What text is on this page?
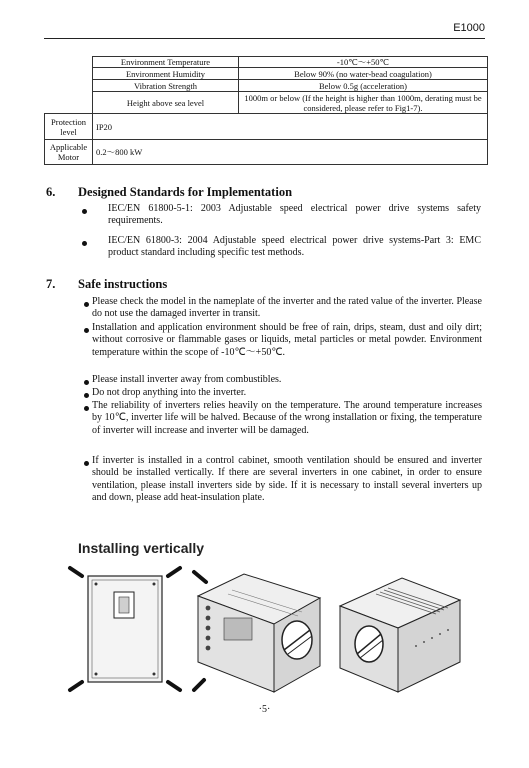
E1000
	Environment Temperature	-10℃～+50℃
	Environment Humidity	Below 90% (no water-bead coagulation)
	Vibration Strength	Below 0.5g (acceleration)
	Height above sea level	1000m or below (If the height is higher than 1000m, derating must be considered, please refer to Fig1-7).
Protection level	IP20	
Applicable Motor	0.2～800 kW	
6. Designed Standards for Implementation
IEC/EN 61800-5-1: 2003 Adjustable speed electrical power drive systems safety requirements.
IEC/EN 61800-3: 2004 Adjustable speed electrical power drive systems-Part 3: EMC product standard including specific test methods.
7. Safe instructions
Please check the model in the nameplate of the inverter and the rated value of the inverter. Please do not use the damaged inverter in transit.
Installation and application environment should be free of rain, drips, steam, dust and oily dirt; without corrosive or flammable gases or liquids, metal particles or metal powder. Environment temperature within the scope of -10℃～+50℃.
Please install inverter away from combustibles.
Do not drop anything into the inverter.
The reliability of inverters relies heavily on the temperature. The around temperature increases by 10℃, inverter life will be halved. Because of the wrong installation or fixing, the temperature of inverter will increase and inverter will be damaged.
If inverter is installed in a control cabinet, smooth ventilation should be ensured and inverter should be installed vertically. If there are several inverters in one cabinet, in order to ensure ventilation, please install inverters side by side. If it is necessary to install several inverters up and down, please add heat-insulation plate.
Installing vertically
·5·
